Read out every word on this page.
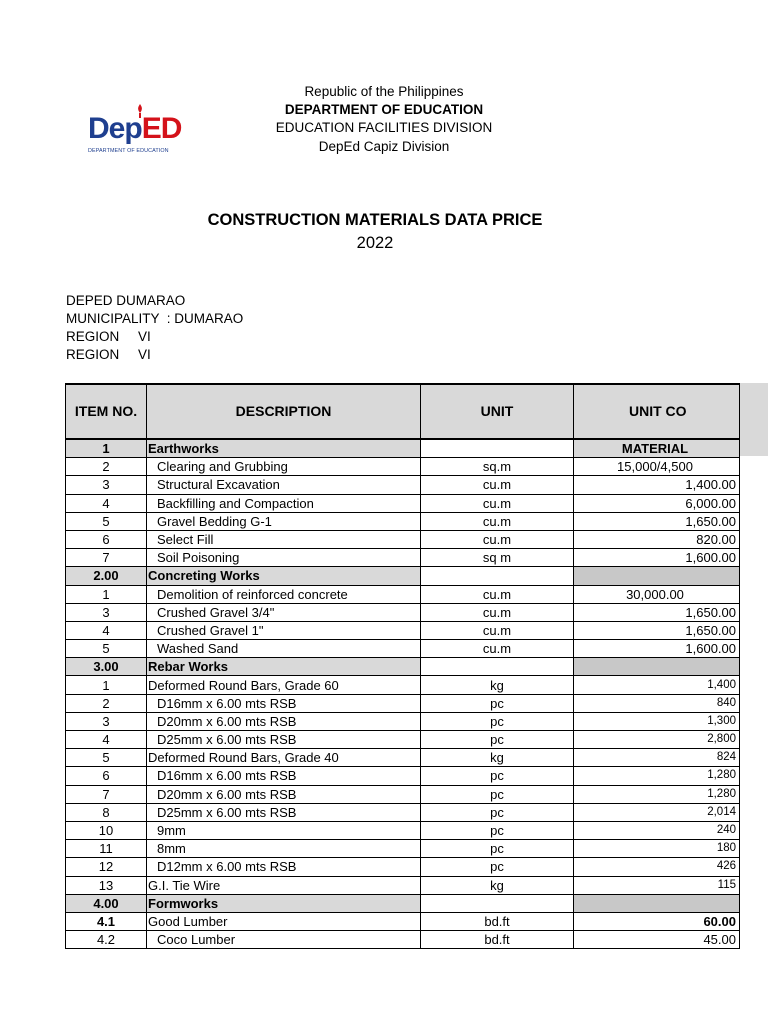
DepED
DEPARTMENT OF EDUCATION
Republic of the Philippines
DEPARTMENT OF EDUCATION
EDUCATION FACILITIES DIVISION
DepEd Capiz Division
CONSTRUCTION MATERIALS DATA PRICE
2022
DEPED DUMARAO
MUNICIPALITY  : DUMARAO
REGION     VI
REGION     VI
ITEM NO.	DESCRIPTION	UNIT	UNIT CO

1	Earthworks		MATERIAL
2	Clearing and Grubbing	sq.m	15,000/4,500
3	Structural Excavation	cu.m	1,400.00
4	Backfilling and Compaction	cu.m	6,000.00
5	Gravel Bedding G-1	cu.m	1,650.00
6	Select Fill	cu.m	820.00
7	Soil Poisoning	sq m	1,600.00
2.00	Concreting Works		
1	Demolition of reinforced concrete	cu.m	30,000.00
3	Crushed Gravel 3/4"	cu.m	1,650.00
4	Crushed Gravel 1"	cu.m	1,650.00
5	Washed Sand	cu.m	1,600.00
3.00	Rebar Works		
1	Deformed Round Bars, Grade 60	kg	1,400
2	D16mm x 6.00 mts RSB	pc	840
3	D20mm x 6.00 mts RSB	pc	1,300
4	D25mm x 6.00 mts RSB	pc	2,800
5	Deformed Round Bars, Grade 40	kg	824
6	D16mm x 6.00 mts RSB	pc	1,280
7	D20mm x 6.00 mts RSB	pc	1,280
8	D25mm x 6.00 mts RSB	pc	2,014
10	9mm	pc	240
11	8mm	pc	180
12	D12mm x 6.00 mts RSB	pc	426
13	G.I. Tie Wire	kg	115
4.00	Formworks		
4.1	Good Lumber	bd.ft	60.00
4.2	Coco Lumber	bd.ft	45.00
